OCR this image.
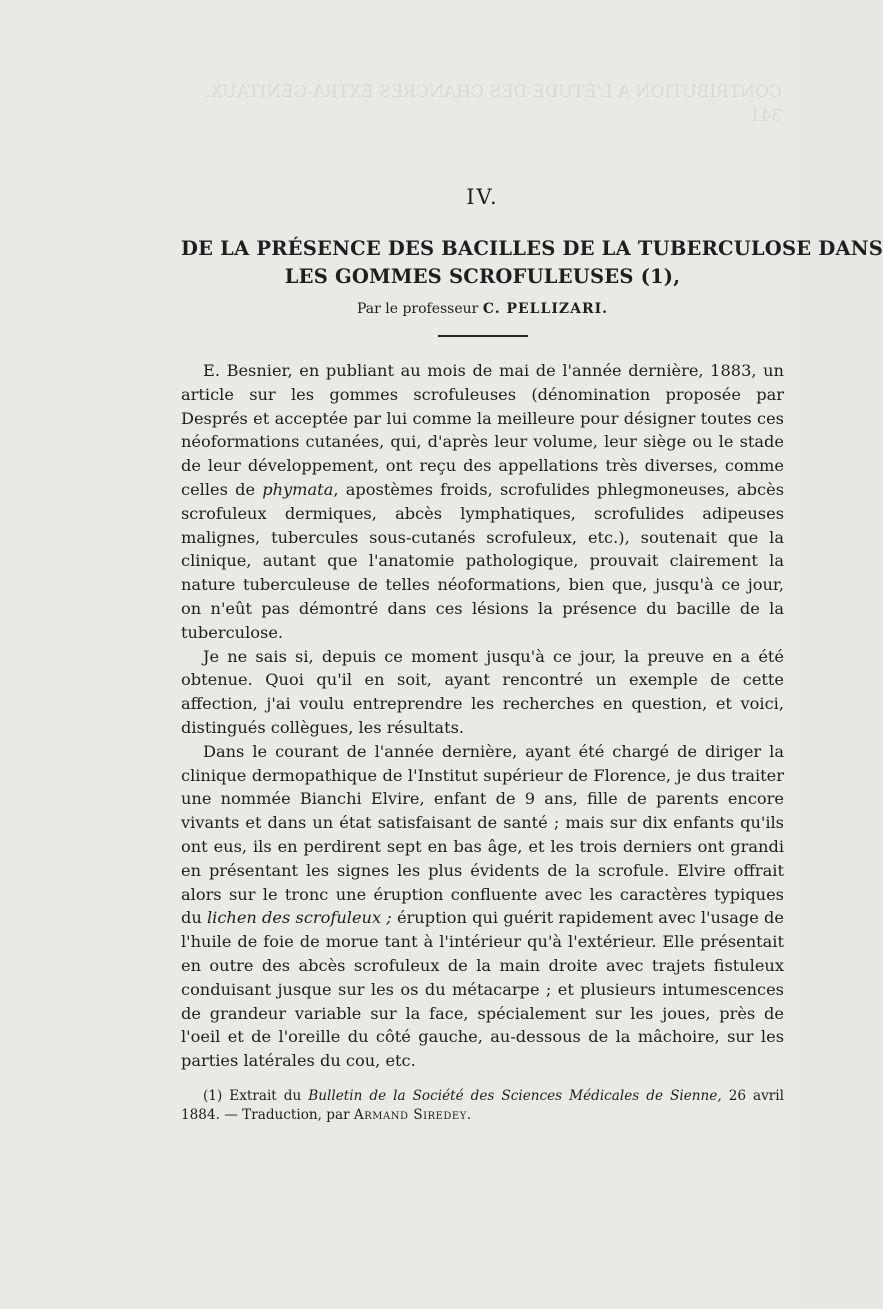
CONTRIBUTION A L'ÉTUDE DES CHANCRES EXTRA-GÉNITAUX. 341
IV.
DE LA PRÉSENCE DES BACILLES DE LA TUBERCULOSE DANS
LES GOMMES SCROFULEUSES (1),
Par le professeur C. PELLIZARI.

E. Besnier, en publiant au mois de mai de l'année dernière, 1883, un article sur les gommes scrofuleuses (dénomination proposée par Després et acceptée par lui comme la meilleure pour désigner toutes ces néoformations cutanées, qui, d'après leur volume, leur siège ou le stade de leur développement, ont reçu des appellations très diverses, comme celles de phymata, apostèmes froids, scrofulides phlegmoneuses, abcès scrofuleux dermiques, abcès lymphatiques, scrofulides adipeuses malignes, tubercules sous-cutanés scrofuleux, etc.), soutenait que la clinique, autant que l'anatomie pathologique, prouvait clairement la nature tuberculeuse de telles néoformations, bien que, jusqu'à ce jour, on n'eût pas démontré dans ces lésions la présence du bacille de la tuberculose.

Je ne sais si, depuis ce moment jusqu'à ce jour, la preuve en a été obtenue. Quoi qu'il en soit, ayant rencontré un exemple de cette affection, j'ai voulu entreprendre les recherches en question, et voici, distingués collègues, les résultats.

Dans le courant de l'année dernière, ayant été chargé de diriger la clinique dermopathique de l'Institut supérieur de Florence, je dus traiter une nommée Bianchi Elvire, enfant de 9 ans, fille de parents encore vivants et dans un état satisfaisant de santé ; mais sur dix enfants qu'ils ont eus, ils en perdirent sept en bas âge, et les trois derniers ont grandi en présentant les signes les plus évidents de la scrofule. Elvire offrait alors sur le tronc une éruption confluente avec les caractères typiques du lichen des scrofuleux ; éruption qui guérit rapidement avec l'usage de l'huile de foie de morue tant à l'intérieur qu'à l'extérieur. Elle présentait en outre des abcès scrofuleux de la main droite avec trajets fistuleux conduisant jusque sur les os du métacarpe ; et plusieurs intumescences de grandeur variable sur la face, spécialement sur les joues, près de l'oeil et de l'oreille du côté gauche, au-dessous de la mâchoire, sur les parties latérales du cou, etc.

(1) Extrait du Bulletin de la Société des Sciences Médicales de Sienne, 26 avril 1884. — Traduction, par Armand Siredey.
